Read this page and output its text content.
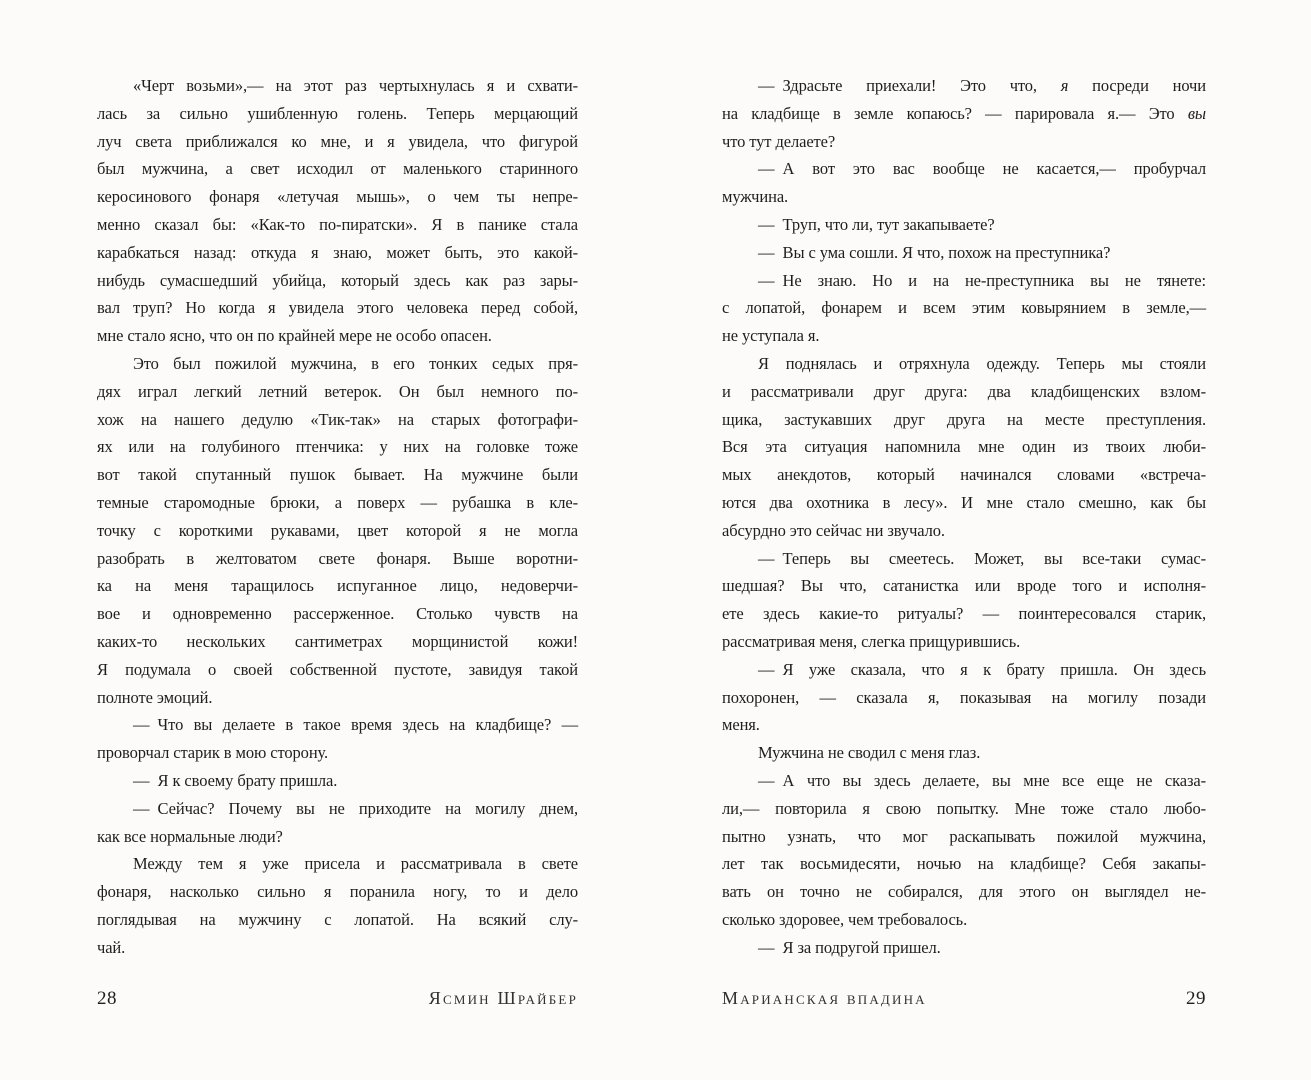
«Черт возьми»,— на этот раз чертыхнулась я и схвати-
лась за сильно ушибленную голень. Теперь мерцающий
луч света приближался ко мне, и я увидела, что фигурой
был мужчина, а свет исходил от маленького старинного
керосинового фонаря «летучая мышь», о чем ты непре-
менно сказал бы: «Как-то по-пиратски». Я в панике стала
карабкаться назад: откуда я знаю, может быть, это какой-
нибудь сумасшедший убийца, который здесь как раз зары-
вал труп? Но когда я увидела этого человека перед собой,
мне стало ясно, что он по крайней мере не особо опасен.
Это был пожилой мужчина, в его тонких седых пря-
дях играл легкий летний ветерок. Он был немного по-
хож на нашего дедулю «Тик-так» на старых фотографи-
ях или на голубиного птенчика: у них на головке тоже
вот такой спутанный пушок бывает. На мужчине были
темные старомодные брюки, а поверх — рубашка в кле-
точку с короткими рукавами, цвет которой я не могла
разобрать в желтоватом свете фонаря. Выше воротни-
ка на меня таращилось испуганное лицо, недоверчи-
вое и одновременно рассерженное. Столько чувств на
каких-то нескольких сантиметрах морщинистой кожи!
Я подумала о своей собственной пустоте, завидуя такой
полноте эмоций.
— Что вы делаете в такое время здесь на кладбище? —
проворчал старик в мою сторону.
— Я к своему брату пришла.
— Сейчас? Почему вы не приходите на могилу днем,
как все нормальные люди?
Между тем я уже присела и рассматривала в свете
фонаря, насколько сильно я поранила ногу, то и дело
поглядывая на мужчину с лопатой. На всякий слу-
чай.
28	Ясмин Шрайбер
— Здрасьте приехали! Это что, я посреди ночи
на кладбище в земле копаюсь? — парировала я.— Это вы
что тут делаете?
— А вот это вас вообще не касается,— пробурчал
мужчина.
— Труп, что ли, тут закапываете?
— Вы с ума сошли. Я что, похож на преступника?
— Не знаю. Но и на не-преступника вы не тянете:
с лопатой, фонарем и всем этим ковырянием в земле,—
не уступала я.
Я поднялась и отряхнула одежду. Теперь мы стояли
и рассматривали друг друга: два кладбищенских взлом-
щика, застукавших друг друга на месте преступления.
Вся эта ситуация напомнила мне один из твоих люби-
мых анекдотов, который начинался словами «встреча-
ются два охотника в лесу». И мне стало смешно, как бы
абсурдно это сейчас ни звучало.
— Теперь вы смеетесь. Может, вы все-таки сумас-
шедшая? Вы что, сатанистка или вроде того и исполня-
ете здесь какие-то ритуалы? — поинтересовался старик,
рассматривая меня, слегка прищурившись.
— Я уже сказала, что я к брату пришла. Он здесь
похоронен, — сказала я, показывая на могилу позади
меня.
Мужчина не сводил с меня глаз.
— А что вы здесь делаете, вы мне все еще не сказа-
ли,— повторила я свою попытку. Мне тоже стало любо-
пытно узнать, что мог раскапывать пожилой мужчина,
лет так восьмидесяти, ночью на кладбище? Себя закапы-
вать он точно не собирался, для этого он выглядел не-
сколько здоровее, чем требовалось.
— Я за подругой пришел.
Марианская впадина	29
